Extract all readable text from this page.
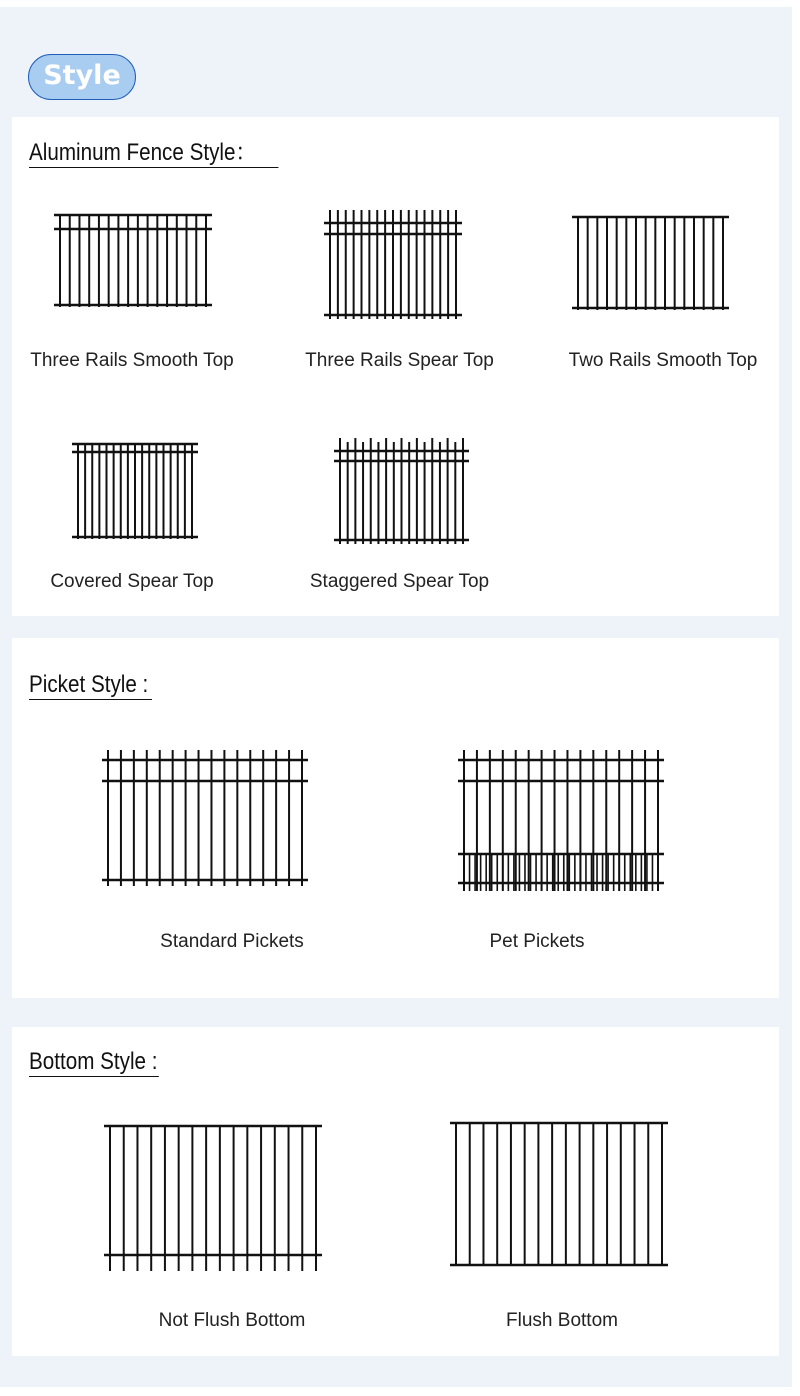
Style
Aluminum Fence Style：
Three Rails Smooth Top	Three Rails Spear Top	Two Rails Smooth Top
Covered Spear Top	Staggered Spear Top
Picket Style :
Standard Pickets	Pet Pickets
Bottom Style :
Not Flush Bottom	Flush Bottom
